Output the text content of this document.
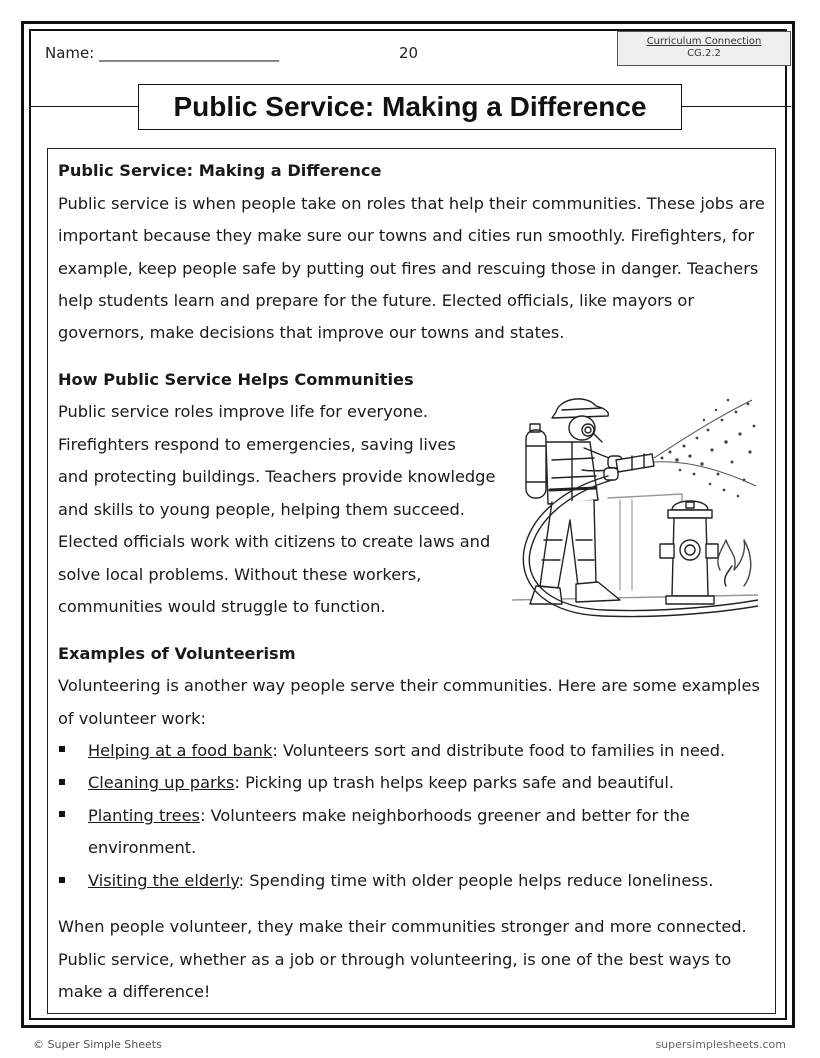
Name: ________________________	20
Curriculum Connection
CG.2.2
Public Service: Making a Difference
Public Service: Making a Difference
Public service is when people take on roles that help their communities. These jobs are
important because they make sure our towns and cities run smoothly. Firefighters, for
example, keep people safe by putting out fires and rescuing those in danger. Teachers
help students learn and prepare for the future. Elected officials, like mayors or
governors, make decisions that improve our towns and states.
How Public Service Helps Communities
Public service roles improve life for everyone.
Firefighters respond to emergencies, saving lives
and protecting buildings. Teachers provide knowledge
and skills to young people, helping them succeed.
Elected officials work with citizens to create laws and
solve local problems. Without these workers,
communities would struggle to function.
Examples of Volunteerism
Volunteering is another way people serve their communities. Here are some examples
of volunteer work:
Helping at a food bank: Volunteers sort and distribute food to families in need.
Cleaning up parks: Picking up trash helps keep parks safe and beautiful.
Planting trees: Volunteers make neighborhoods greener and better for the
environment.
Visiting the elderly: Spending time with older people helps reduce loneliness.
When people volunteer, they make their communities stronger and more connected.
Public service, whether as a job or through volunteering, is one of the best ways to
make a difference!
© Super Simple Sheets	supersimplesheets.com
